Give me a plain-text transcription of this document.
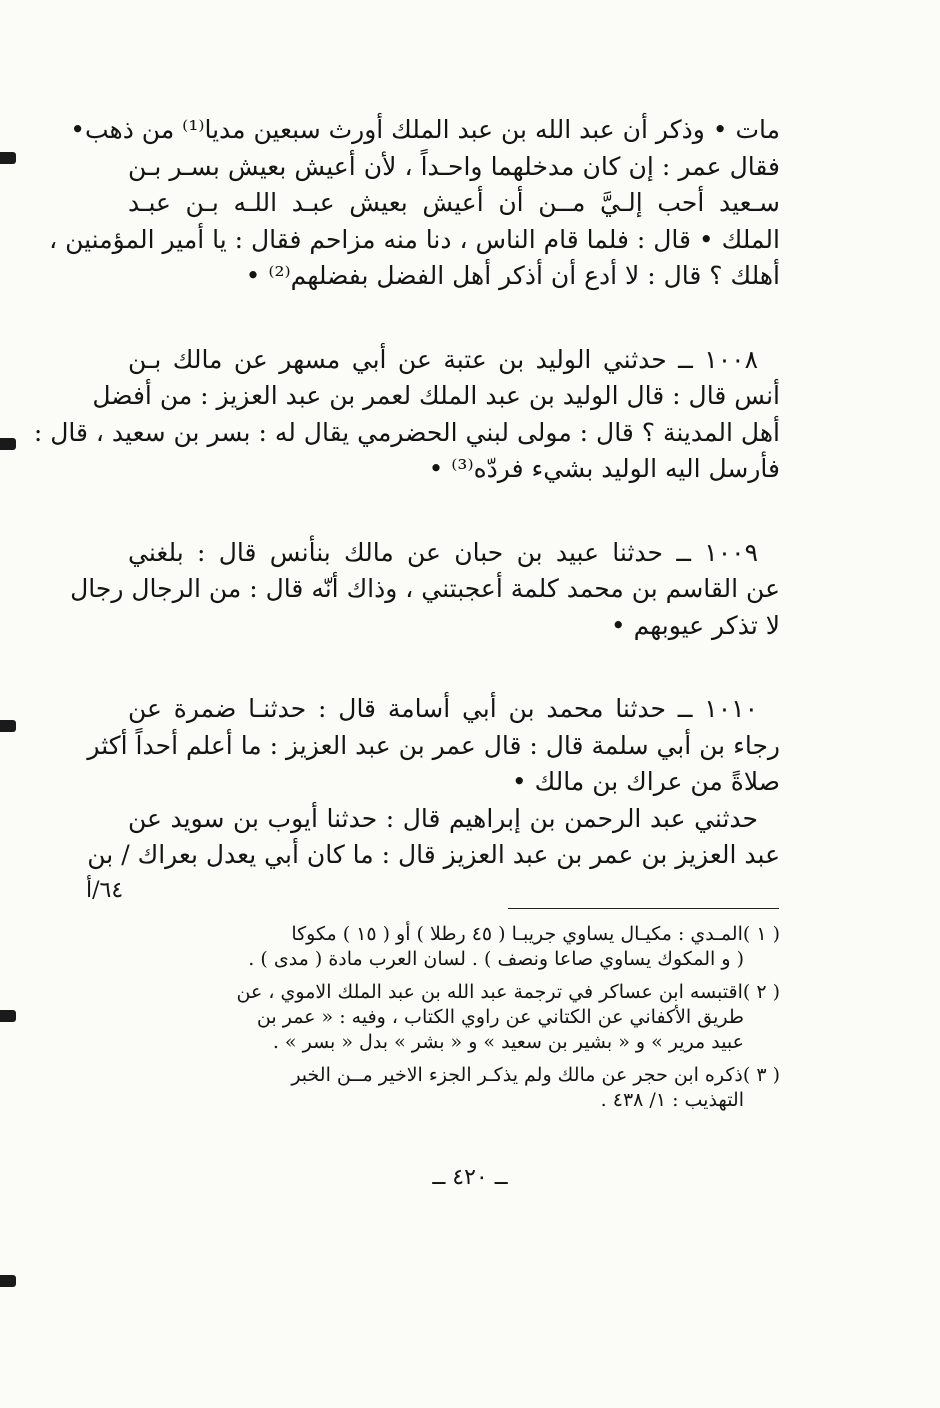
مات • وذكر أن عبد الله بن عبد الملك أورث سبعين مديا⁽¹⁾ من ذهب•
فقال عمر : إن كان مدخلهما واحـداً ، لأن أعيش بعيش بسـر بـن
سـعيد أحب إلـيَّ مــن أن أعيش بعيش عبـد اللـه بـن عبـد
الملك • قال : فلما قام الناس ، دنا منه مزاحم فقال : يا أمير المؤمنين ،
أهلك ؟ قال : لا أدع أن أذكر أهل الفضل بفضلهم⁽²⁾ •
١٠٠٨ ــ حدثني الوليد بن عتبة عن أبي مسهر عن مالك بـن
أنس قال : قال الوليد بن عبد الملك لعمر بن عبد العزيز : من أفضل
أهل المدينة ؟ قال : مولى لبني الحضرمي يقال له : بسر بن سعيد ، قال :
فأرسل اليه الوليد بشيء فردّه⁽³⁾ •
١٠٠٩ ــ حدثنا عبيد بن حبان عن مالك بنأنس قال : بلغني
عن القاسم بن محمد كلمة أعجبتني ، وذاك أنّه قال : من الرجال رجال
لا تذكر عيوبهم •
١٠١٠ ــ حدثنا محمد بن أبي أسامة قال : حدثنـا ضمرة عن
رجاء بن أبي سلمة قال : قال عمر بن عبد العزيز : ما أعلم أحداً أكثر
صلاةً من عراك بن مالك •
حدثني عبد الرحمن بن إبراهيم قال : حدثنا أيوب بن سويد عن
عبد العزيز بن عمر بن عبد العزيز قال : ما كان أبي يعدل بعراك / بن
٦٤/أ
( ١ )المـدي : مكيـال يساوي جريبـا ( ٤٥ رطلا ) أو ( ١٥ ) مكوكا
( و المكوك يساوي صاعا ونصف ) . لسان العرب مادة ( مدى ) .
( ٢ )اقتبسه ابن عساكر في ترجمة عبد الله بن عبد الملك الاموي ، عن
طريق الأكفاني عن الكتاني عن راوي الكتاب ، وفيه : « عمر بن
عبيد مرير » و « بشير بن سعيد » و « بشر » بدل « بسر » .
( ٣ )ذكره ابن حجر عن مالك ولم يذكـر الجزء الاخير مــن الخبر
التهذيب : ١/ ٤٣٨ .
ــ ٤٢٠ ــ
